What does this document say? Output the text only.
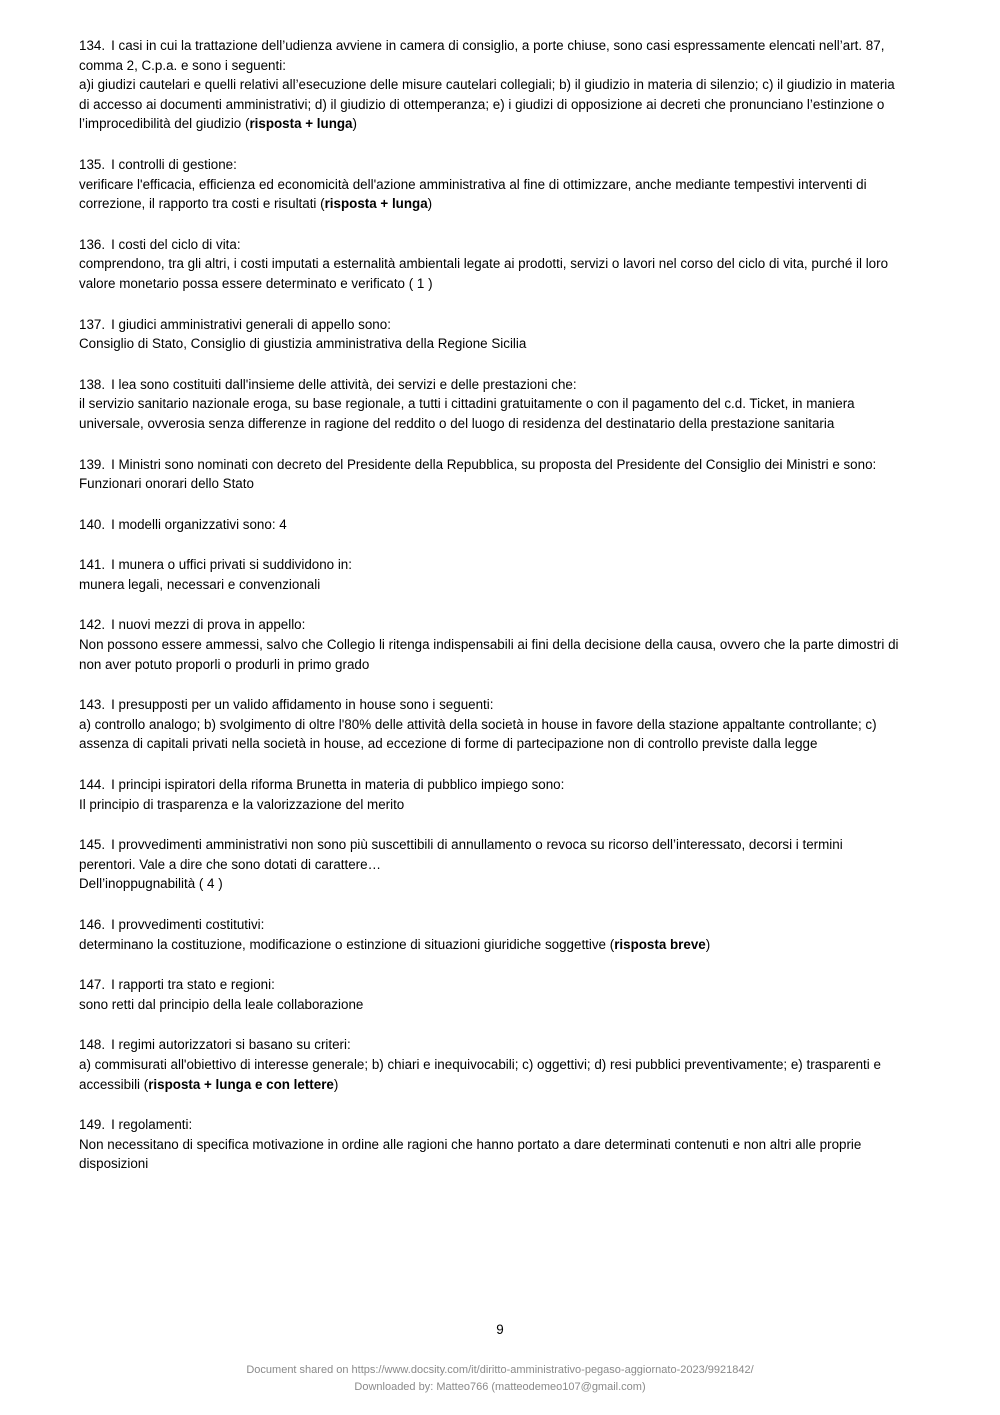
134. I casi in cui la trattazione dell’udienza avviene in camera di consiglio, a porte chiuse, sono casi espressamente elencati nell’art. 87, comma 2, C.p.a. e sono i seguenti:

a)i giudizi cautelari e quelli relativi all’esecuzione delle misure cautelari collegiali; b) il giudizio in materia di silenzio; c) il giudizio in materia di accesso ai documenti amministrativi; d) il giudizio di ottemperanza; e) i giudizi di opposizione ai decreti che pronunciano l’estinzione o l’improcedibilità del giudizio (risposta + lunga)

135. I controlli di gestione:

verificare l'efficacia, efficienza ed economicità dell'azione amministrativa al fine di ottimizzare, anche mediante tempestivi interventi di correzione, il rapporto tra costi e risultati (risposta + lunga)

136. I costi del ciclo di vita:

comprendono, tra gli altri, i costi imputati a esternalità ambientali legate ai prodotti, servizi o lavori nel corso del ciclo di vita, purché il loro valore monetario possa essere determinato e verificato ( 1 )

137. I giudici amministrativi generali di appello sono:

Consiglio di Stato, Consiglio di giustizia amministrativa della Regione Sicilia

138. I lea sono costituiti dall'insieme delle attività, dei servizi e delle prestazioni che:

il servizio sanitario nazionale eroga, su base regionale, a tutti i cittadini gratuitamente o con il pagamento del c.d. Ticket, in maniera universale, ovverosia senza differenze in ragione del reddito o del luogo di residenza del destinatario della prestazione sanitaria

139. I Ministri sono nominati con decreto del Presidente della Repubblica, su proposta del Presidente del Consiglio dei Ministri e sono:

Funzionari onorari dello Stato

140. I modelli organizzativi sono: 4

141. I munera o uffici privati si suddividono in:

munera legali, necessari e convenzionali

142. I nuovi mezzi di prova in appello:

Non possono essere ammessi, salvo che Collegio li ritenga indispensabili ai fini della decisione della causa, ovvero che la parte dimostri di non aver potuto proporli o produrli in primo grado

143. I presupposti per un valido affidamento in house sono i seguenti:

a) controllo analogo; b) svolgimento di oltre l'80% delle attività della società in house in favore della stazione appaltante controllante; c) assenza di capitali privati nella società in house, ad eccezione di forme di partecipazione non di controllo previste dalla legge

144. I principi ispiratori della riforma Brunetta in materia di pubblico impiego sono:

Il principio di trasparenza e la valorizzazione del merito

145. I provvedimenti amministrativi non sono più suscettibili di annullamento o revoca su ricorso dell’interessato, decorsi i termini perentori. Vale a dire che sono dotati di carattere…

Dell’inoppugnabilità ( 4 )

146. I provvedimenti costitutivi:

determinano la costituzione, modificazione o estinzione di situazioni giuridiche soggettive (risposta breve)

147. I rapporti tra stato e regioni:

sono retti dal principio della leale collaborazione

148. I regimi autorizzatori si basano su criteri:

a) commisurati all'obiettivo di interesse generale; b) chiari e inequivocabili; c) oggettivi; d) resi pubblici preventivamente; e) trasparenti e accessibili (risposta + lunga e con lettere)

149. I regolamenti:

Non necessitano di specifica motivazione in ordine alle ragioni che hanno portato a dare determinati contenuti e non altri alle proprie disposizioni

9
Document shared on https://www.docsity.com/it/diritto-amministrativo-pegaso-aggiornato-2023/9921842/
Downloaded by: Matteo766 (matteodemeo107@gmail.com)
